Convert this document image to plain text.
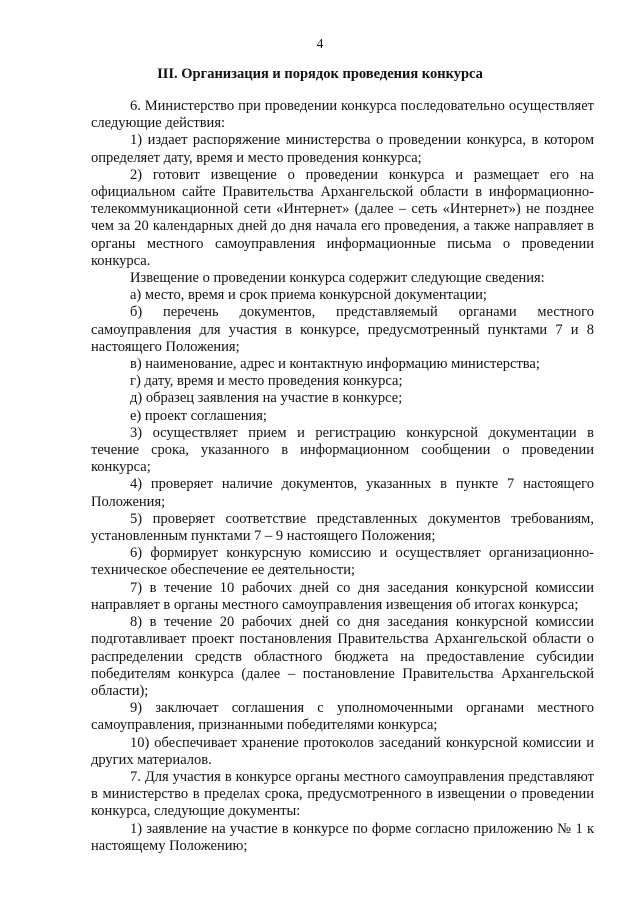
4
III. Организация и порядок проведения конкурса

6. Министерство при проведении конкурса последовательно осуществляет следующие действия:

1) издает распоряжение министерства о проведении конкурса, в котором определяет дату, время и место проведения конкурса;

2) готовит извещение о проведении конкурса и размещает его на официальном сайте Правительства Архангельской области в информационно-телекоммуникационной сети «Интернет» (далее – сеть «Интернет») не позднее чем за 20 календарных дней до дня начала его проведения, а также направляет в органы местного самоуправления информационные письма о проведении конкурса.

Извещение о проведении конкурса содержит следующие сведения:

а) место, время и срок приема конкурсной документации;

б) перечень документов, представляемый органами местного самоуправления для участия в конкурсе, предусмотренный пунктами 7 и 8 настоящего Положения;

в) наименование, адрес и контактную информацию министерства;

г) дату, время и место проведения конкурса;

д) образец заявления на участие в конкурсе;

е) проект соглашения;

3) осуществляет прием и регистрацию конкурсной документации в течение срока, указанного в информационном сообщении о проведении конкурса;

4) проверяет наличие документов, указанных в пункте 7 настоящего Положения;

5) проверяет соответствие представленных документов требованиям, установленным пунктами 7 – 9 настоящего Положения;

6) формирует конкурсную комиссию и осуществляет организационно-техническое обеспечение ее деятельности;

7) в течение 10 рабочих дней со дня заседания конкурсной комиссии направляет в органы местного самоуправления извещения об итогах конкурса;

8) в течение 20 рабочих дней со дня заседания конкурсной комиссии подготавливает проект постановления Правительства Архангельской области о распределении средств областного бюджета на предоставление субсидии победителям конкурса (далее – постановление Правительства Архангельской области);

9) заключает соглашения с уполномоченными органами местного самоуправления, признанными победителями конкурса;

10) обеспечивает хранение протоколов заседаний конкурсной комиссии и других материалов.

7. Для участия в конкурсе органы местного самоуправления представляют в министерство в пределах срока, предусмотренного в извещении о проведении конкурса, следующие документы:

1) заявление на участие в конкурсе по форме согласно приложению № 1 к настоящему Положению;
